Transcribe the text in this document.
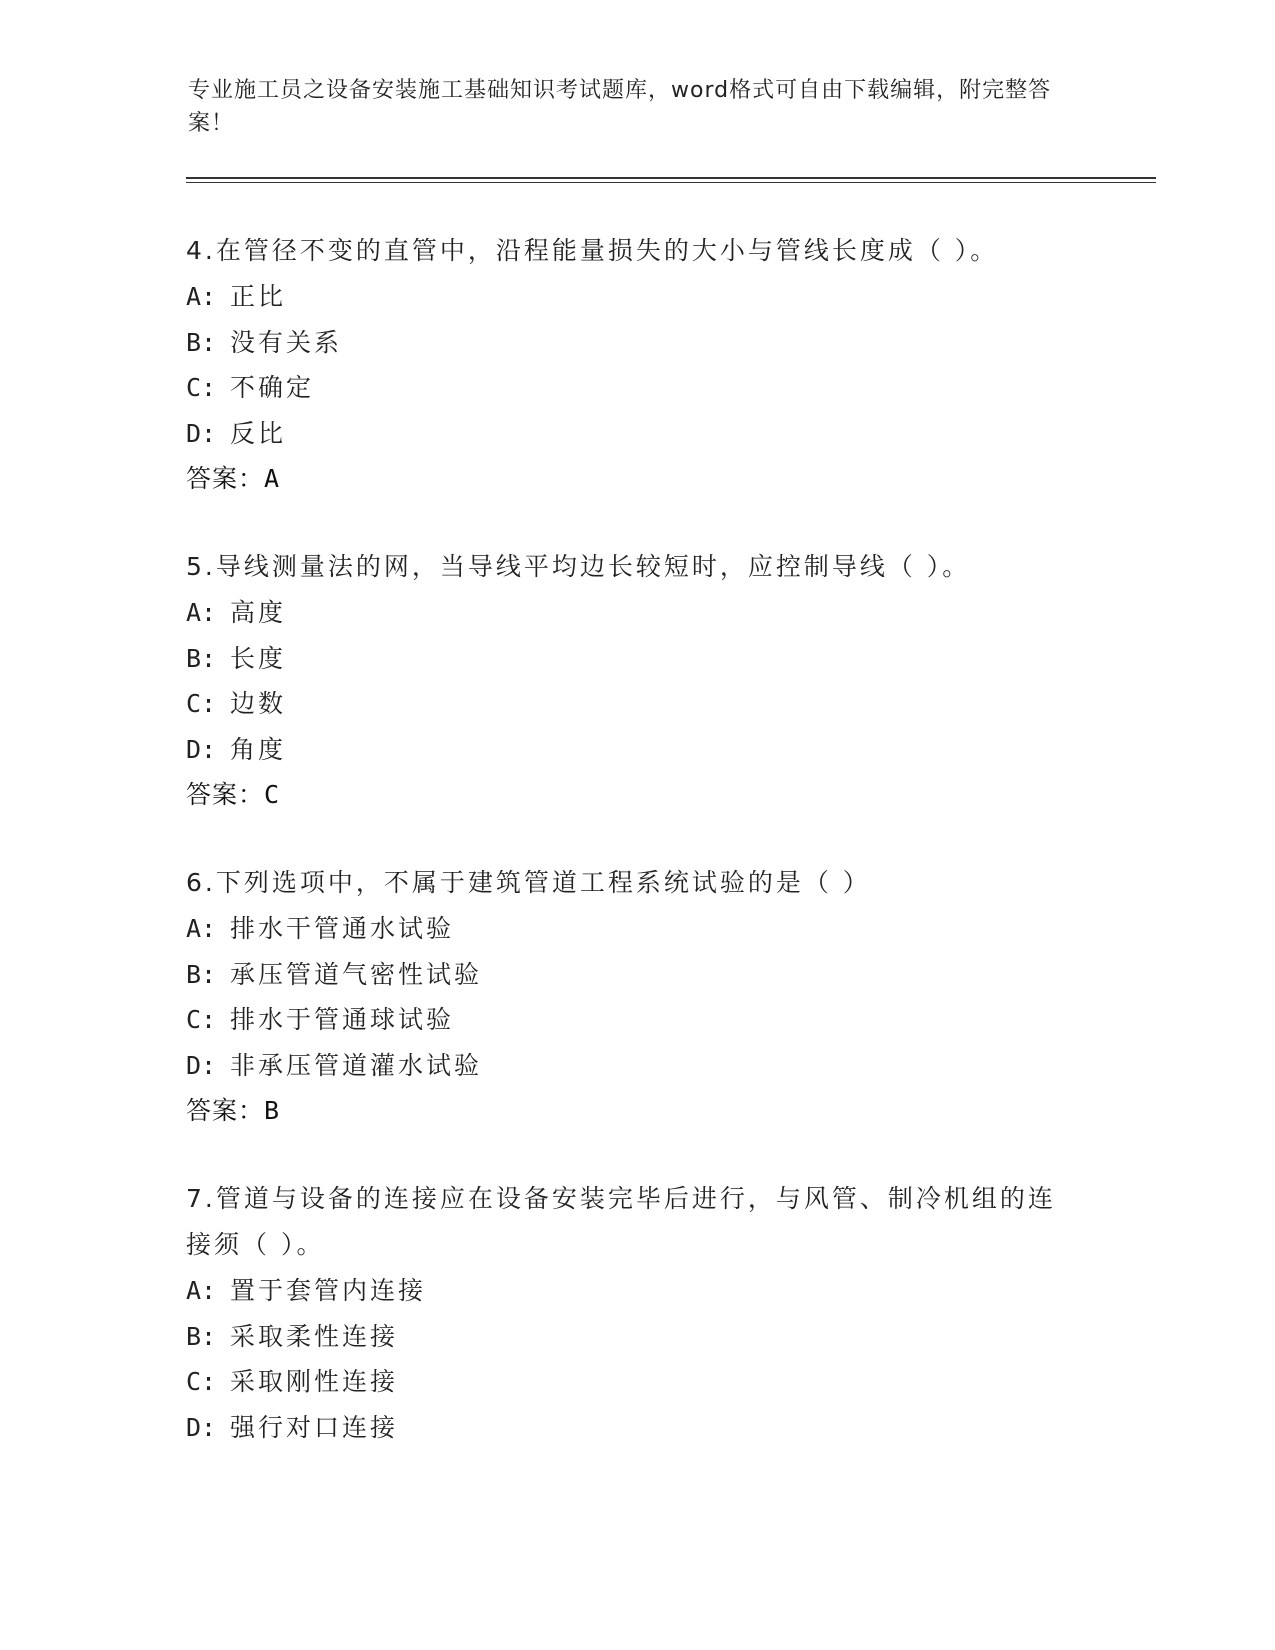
专业施工员之设备安装施工基础知识考试题库，word格式可自由下载编辑，附完整答案！

4.在管径不变的直管中，沿程能量损失的大小与管线长度成（ ）。

A: 正比

B: 没有关系

C: 不确定

D: 反比

答案：A

5.导线测量法的网，当导线平均边长较短时，应控制导线（ ）。

A: 高度

B: 长度

C: 边数

D: 角度

答案：C

6.下列选项中，不属于建筑管道工程系统试验的是（ ）

A: 排水干管通水试验

B: 承压管道气密性试验

C: 排水于管通球试验

D: 非承压管道灌水试验

答案：B

7.管道与设备的连接应在设备安装完毕后进行，与风管、制冷机组的连接须（ ）。

A: 置于套管内连接

B: 采取柔性连接

C: 采取刚性连接

D: 强行对口连接
